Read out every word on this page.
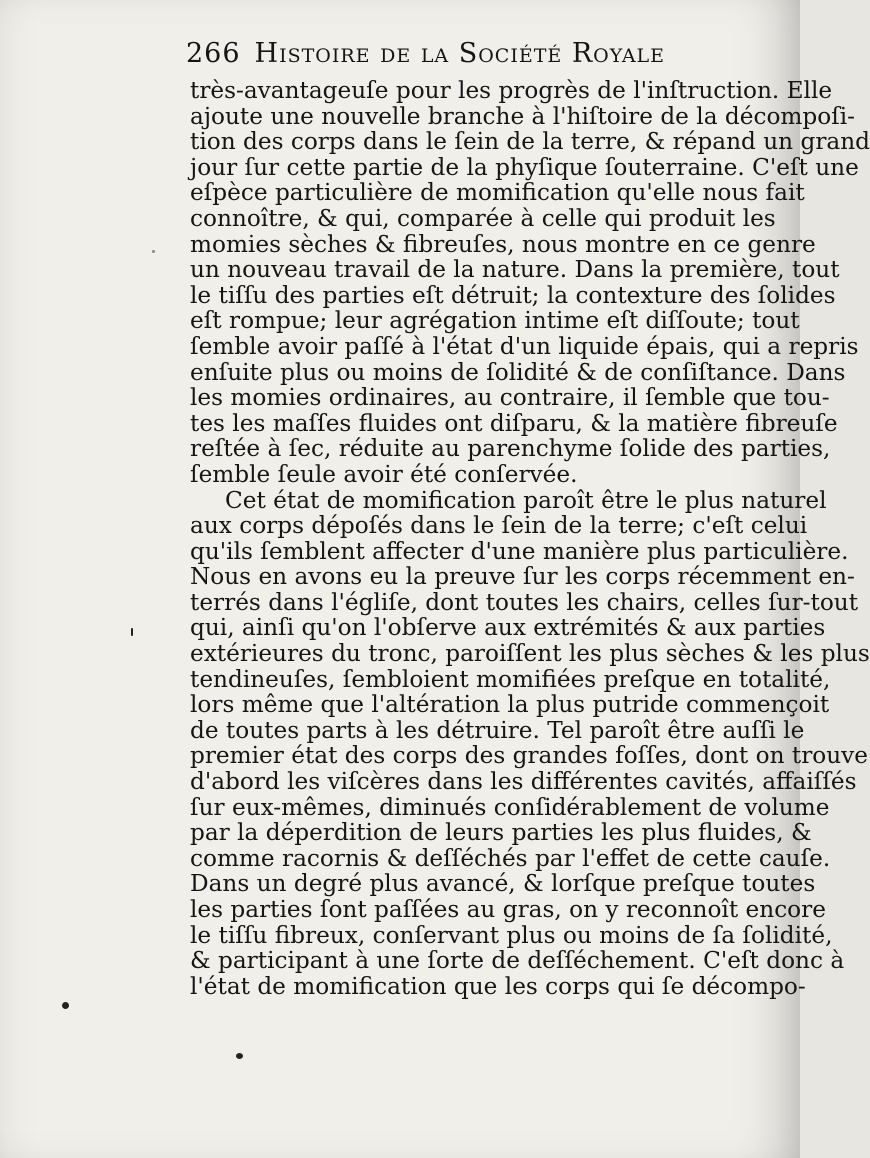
266 Histoire de la Société Royale
très-avantageuſe pour les progrès de l'inſtruction. Elle
ajoute une nouvelle branche à l'hiſtoire de la décompoſi-
tion des corps dans le ſein de la terre, & répand un grand
jour ſur cette partie de la phyſique ſouterraine. C'eſt une
eſpèce particulière de momification qu'elle nous fait
connoître, & qui, comparée à celle qui produit les
momies sèches & fibreuſes, nous montre en ce genre
un nouveau travail de la nature. Dans la première, tout
le tiſſu des parties eſt détruit; la contexture des ſolides
eſt rompue; leur agrégation intime eſt diſſoute; tout
ſemble avoir paſſé à l'état d'un liquide épais, qui a repris
enſuite plus ou moins de ſolidité & de conſiſtance. Dans
les momies ordinaires, au contraire, il ſemble que tou-
tes les maſſes fluides ont diſparu, & la matière fibreuſe
reſtée à ſec, réduite au parenchyme ſolide des parties,
ſemble ſeule avoir été conſervée.
Cet état de momification paroît être le plus naturel
aux corps dépoſés dans le ſein de la terre; c'eſt celui
qu'ils ſemblent affecter d'une manière plus particulière.
Nous en avons eu la preuve ſur les corps récemment en-
terrés dans l'égliſe, dont toutes les chairs, celles ſur-tout
qui, ainſi qu'on l'obſerve aux extrémités & aux parties
extérieures du tronc, paroiſſent les plus sèches & les plus
tendineuſes, ſembloient momifiées preſque en totalité,
lors même que l'altération la plus putride commençoit
de toutes parts à les détruire. Tel paroît être auſſi le
premier état des corps des grandes foſſes, dont on trouve
d'abord les viſcères dans les différentes cavités, affaiſſés
ſur eux-mêmes, diminués conſidérablement de volume
par la déperdition de leurs parties les plus fluides, &
comme racornis & deſſéchés par l'effet de cette cauſe.
Dans un degré plus avancé, & lorſque preſque toutes
les parties ſont paſſées au gras, on y reconnoît encore
le tiſſu fibreux, conſervant plus ou moins de ſa ſolidité,
& participant à une ſorte de deſſéchement. C'eſt donc à
l'état de momification que les corps qui ſe décompo-
